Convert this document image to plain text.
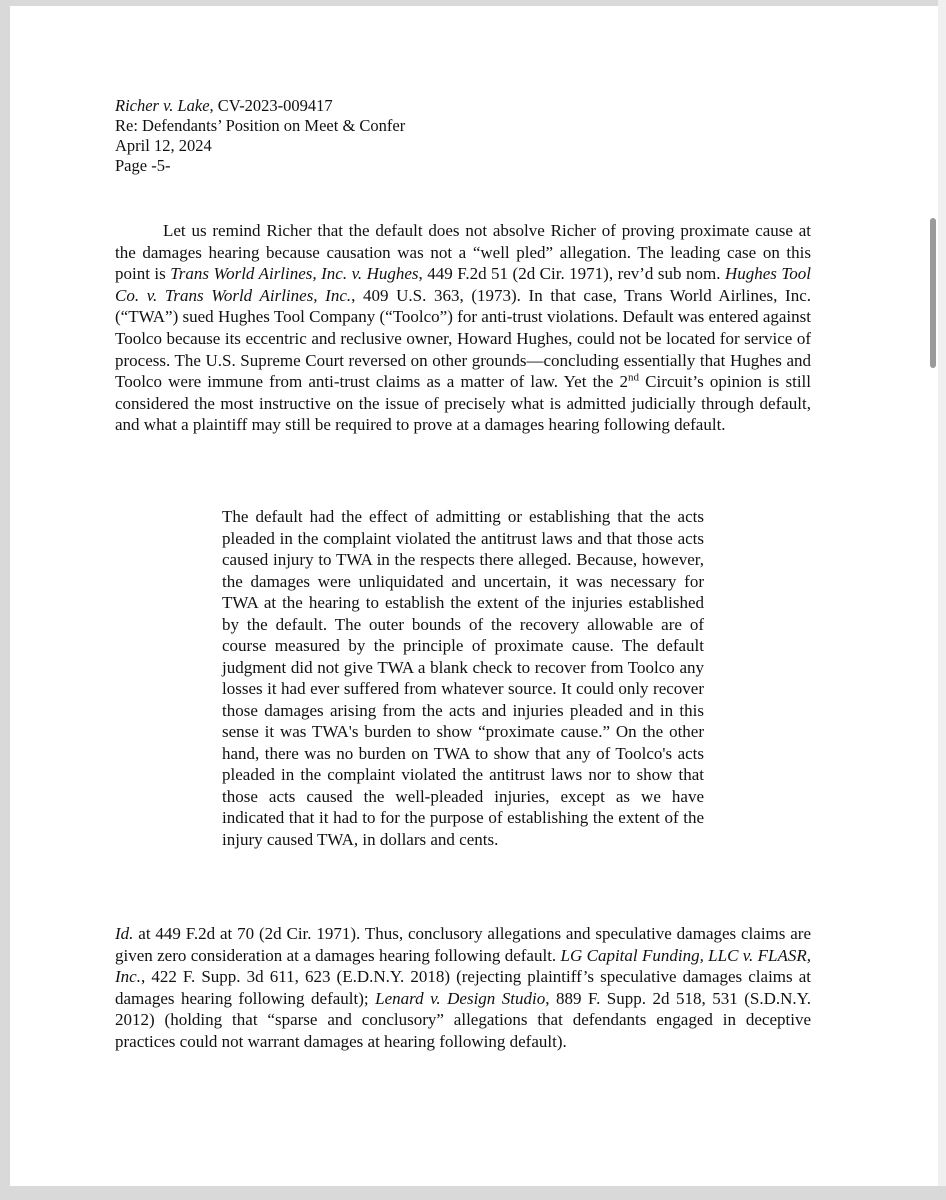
Richer v. Lake, CV-2023-009417
Re: Defendants’ Position on Meet & Confer
April 12, 2024
Page -5-
Let us remind Richer that the default does not absolve Richer of proving proximate cause at the damages hearing because causation was not a “well pled” allegation. The leading case on this point is Trans World Airlines, Inc. v. Hughes, 449 F.2d 51 (2d Cir. 1971), rev’d sub nom. Hughes Tool Co. v. Trans World Airlines, Inc., 409 U.S. 363, (1973). In that case, Trans World Airlines, Inc. (“TWA”) sued Hughes Tool Company (“Toolco”) for anti-trust violations. Default was entered against Toolco because its eccentric and reclusive owner, Howard Hughes, could not be located for service of process. The U.S. Supreme Court reversed on other grounds—concluding essentially that Hughes and Toolco were immune from anti-trust claims as a matter of law. Yet the 2nd Circuit’s opinion is still considered the most instructive on the issue of precisely what is admitted judicially through default, and what a plaintiff may still be required to prove at a damages hearing following default.
The default had the effect of admitting or establishing that the acts pleaded in the complaint violated the antitrust laws and that those acts caused injury to TWA in the respects there alleged. Because, however, the damages were unliquidated and uncertain, it was necessary for TWA at the hearing to establish the extent of the injuries established by the default. The outer bounds of the recovery allowable are of course measured by the principle of proximate cause. The default judgment did not give TWA a blank check to recover from Toolco any losses it had ever suffered from whatever source. It could only recover those damages arising from the acts and injuries pleaded and in this sense it was TWA's burden to show “proximate cause.” On the other hand, there was no burden on TWA to show that any of Toolco's acts pleaded in the complaint violated the antitrust laws nor to show that those acts caused the well-pleaded injuries, except as we have indicated that it had to for the purpose of establishing the extent of the injury caused TWA, in dollars and cents.
Id. at 449 F.2d at 70 (2d Cir. 1971). Thus, conclusory allegations and speculative damages claims are given zero consideration at a damages hearing following default. LG Capital Funding, LLC v. FLASR, Inc., 422 F. Supp. 3d 611, 623 (E.D.N.Y. 2018) (rejecting plaintiff’s speculative damages claims at damages hearing following default); Lenard v. Design Studio, 889 F. Supp. 2d 518, 531 (S.D.N.Y. 2012) (holding that “sparse and conclusory” allegations that defendants engaged in deceptive practices could not warrant damages at hearing following default).
